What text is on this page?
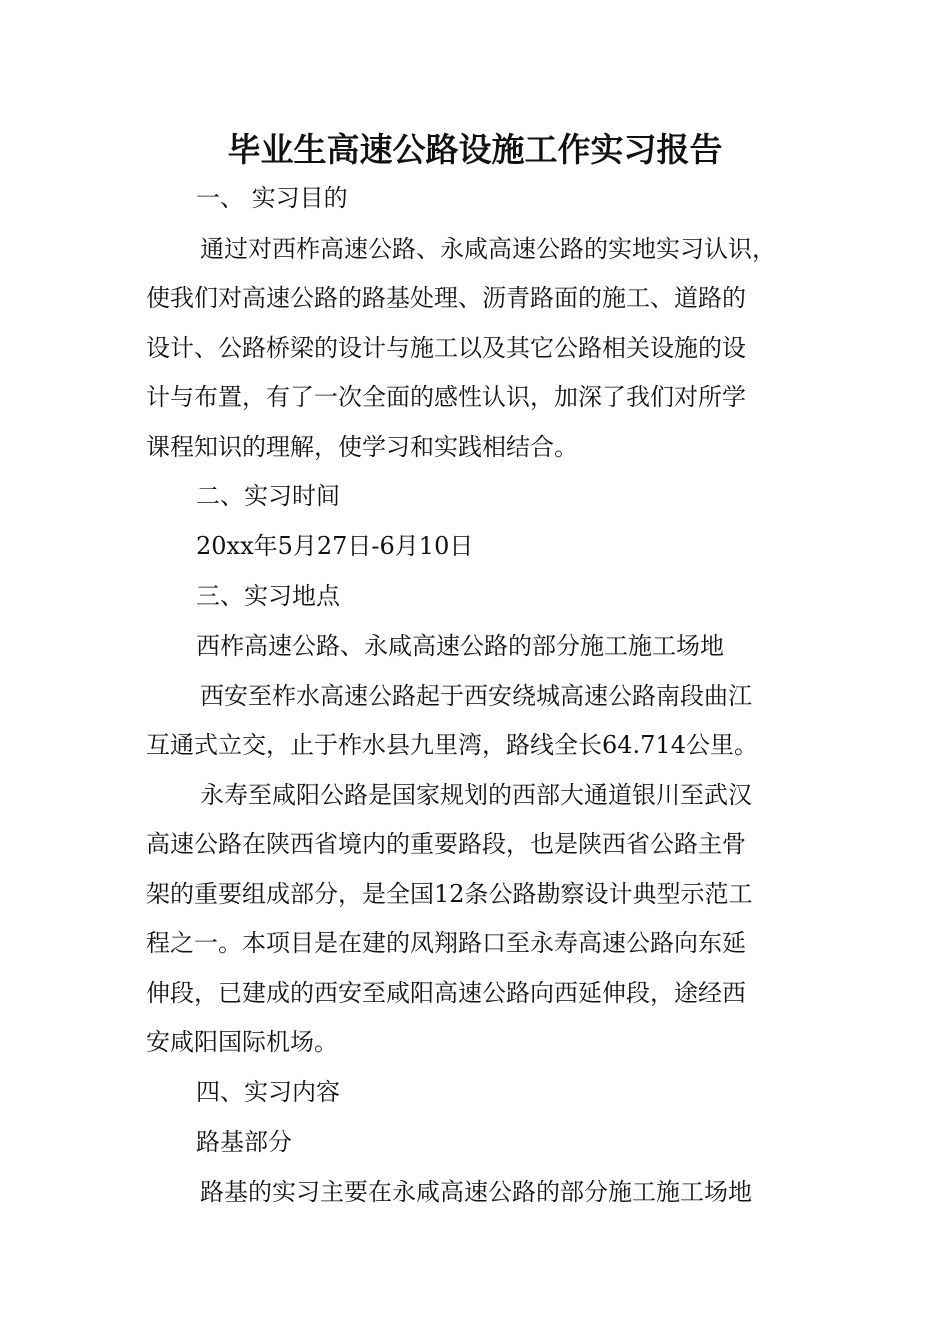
毕业生高速公路设施工作实习报告
一、 实习目的
通过对西柞高速公路、永咸高速公路的实地实习认识，
使我们对高速公路的路基处理、沥青路面的施工、道路的
设计、公路桥梁的设计与施工以及其它公路相关设施的设
计与布置，有了一次全面的感性认识，加深了我们对所学
课程知识的理解，使学习和实践相结合。
二、实习时间
20xx年5月27日-6月10日
三、实习地点
西柞高速公路、永咸高速公路的部分施工施工场地
西安至柞水高速公路起于西安绕城高速公路南段曲江
互通式立交，止于柞水县九里湾，路线全长64.714公里。
永寿至咸阳公路是国家规划的西部大通道银川至武汉
高速公路在陕西省境内的重要路段，也是陕西省公路主骨
架的重要组成部分，是全国12条公路勘察设计典型示范工
程之一。本项目是在建的凤翔路口至永寿高速公路向东延
伸段，已建成的西安至咸阳高速公路向西延伸段，途经西
安咸阳国际机场。
四、实习内容
路基部分
路基的实习主要在永咸高速公路的部分施工施工场地
